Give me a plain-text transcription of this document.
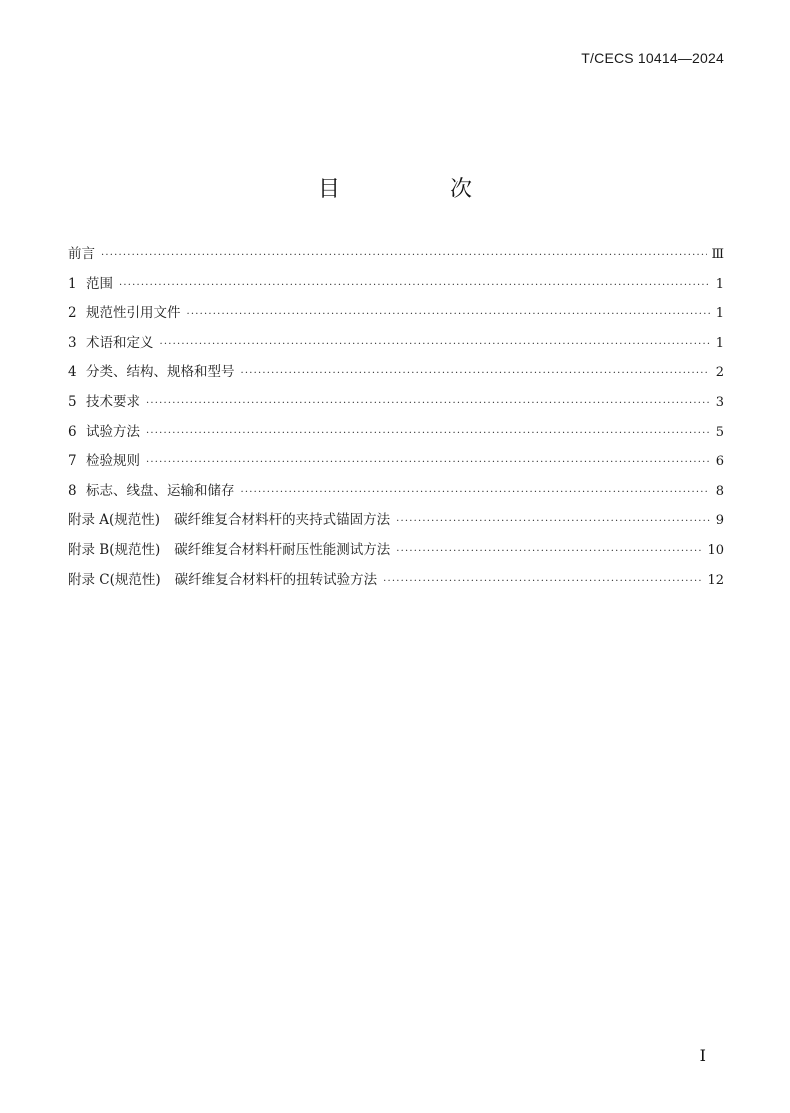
T/CECS 10414—2024
目　次
前言 ·····	Ⅲ
1 范围 ·····	1
2 规范性引用文件 ·····	1
3 术语和定义 ·····	1
4 分类、结构、规格和型号 ·····	2
5 技术要求 ·····	3
6 试验方法 ·····	5
7 检验规则 ·····	6
8 标志、线盘、运输和储存 ·····	8
附录 A(规范性) 碳纤维复合材料杆的夹持式锚固方法 ·····	9
附录 B(规范性) 碳纤维复合材料杆耐压性能测试方法 ·····	10
附录 C(规范性) 碳纤维复合材料杆的扭转试验方法 ·····	12
I
